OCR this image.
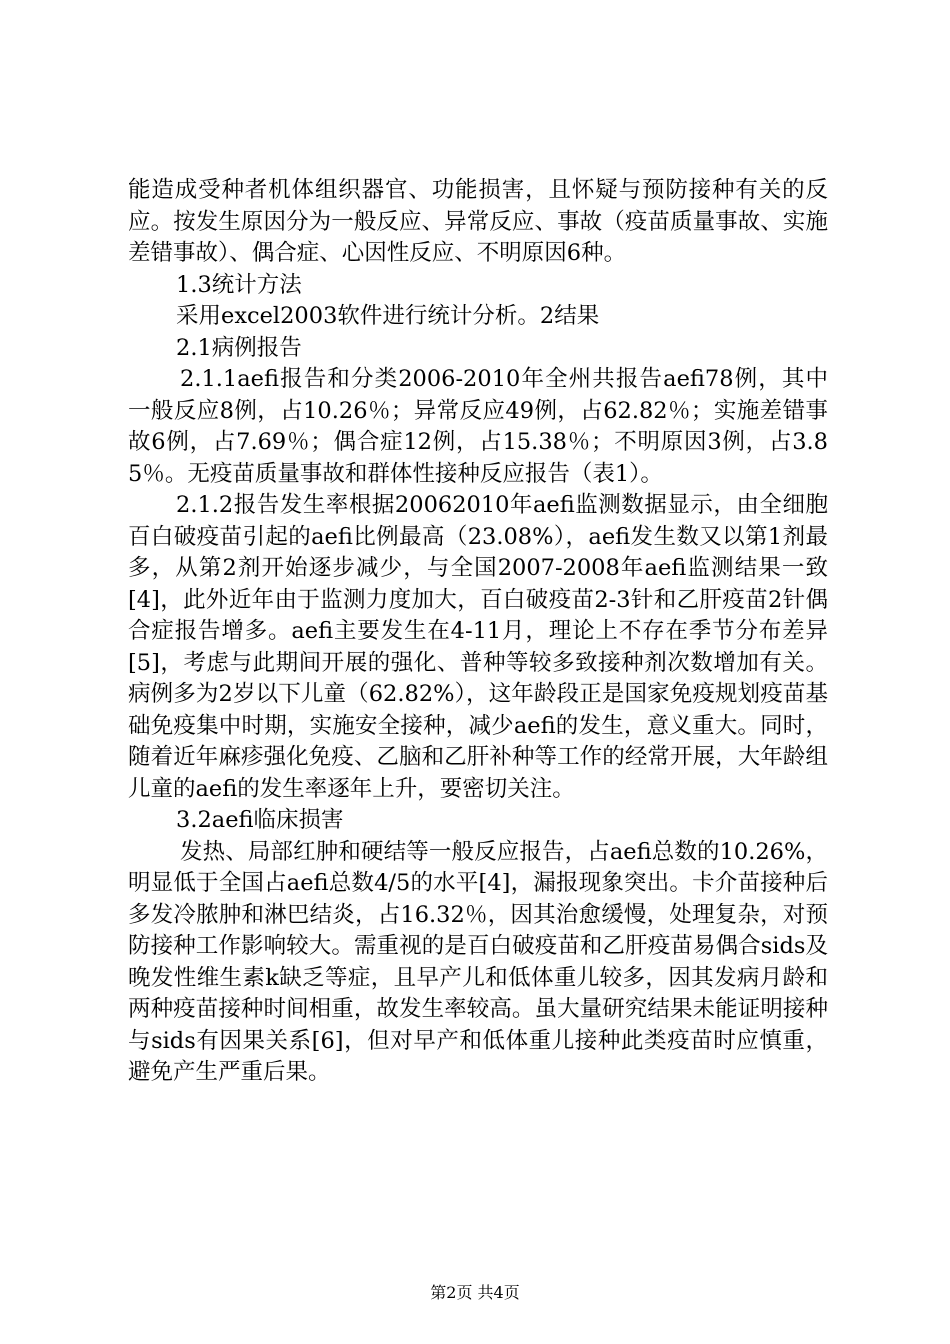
能造成受种者机体组织器官、功能损害，且怀疑与预防接种有关的反应。按发生原因分为一般反应、异常反应、事故（疫苗质量事故、实施差错事故）、偶合症、心因性反应、不明原因6种。

1.3统计方法

采用excel2003软件进行统计分析。2结果

2.1病例报告

2.1.1aefi报告和分类2006-2010年全州共报告aefi78例，其中一般反应8例，占10.26％；异常反应49例，占62.82％；实施差错事故6例，占7.69％；偶合症12例，占15.38％；不明原因3例，占3.85％。无疫苗质量事故和群体性接种反应报告（表1）。

2.1.2报告发生率根据20062010年aefi监测数据显示，由全细胞百白破疫苗引起的aefi比例最高（23.08%），aefi发生数又以第1剂最多，从第2剂开始逐步减少，与全国2007-2008年aefi监测结果一致[4]，此外近年由于监测力度加大，百白破疫苗2-3针和乙肝疫苗2针偶合症报告增多。aefi主要发生在4-11月，理论上不存在季节分布差异[5]，考虑与此期间开展的强化、普种等较多致接种剂次数增加有关。病例多为2岁以下儿童（62.82%），这年龄段正是国家免疫规划疫苗基础免疫集中时期，实施安全接种，减少aefi的发生，意义重大。同时，随着近年麻疹强化免疫、乙脑和乙肝补种等工作的经常开展，大年龄组儿童的aefi的发生率逐年上升，要密切关注。

3.2aefi临床损害

发热、局部红肿和硬结等一般反应报告，占aefi总数的10.26%，明显低于全国占aefi总数4/5的水平[4]，漏报现象突出。卡介苗接种后多发冷脓肿和淋巴结炎，占16.32％，因其治愈缓慢，处理复杂，对预防接种工作影响较大。需重视的是百白破疫苗和乙肝疫苗易偶合sids及晚发性维生素k缺乏等症，且早产儿和低体重儿较多，因其发病月龄和两种疫苗接种时间相重，故发生率较高。虽大量研究结果未能证明接种与sids有因果关系[6]，但对早产和低体重儿接种此类疫苗时应慎重，避免产生严重后果。

第2页 共4页
